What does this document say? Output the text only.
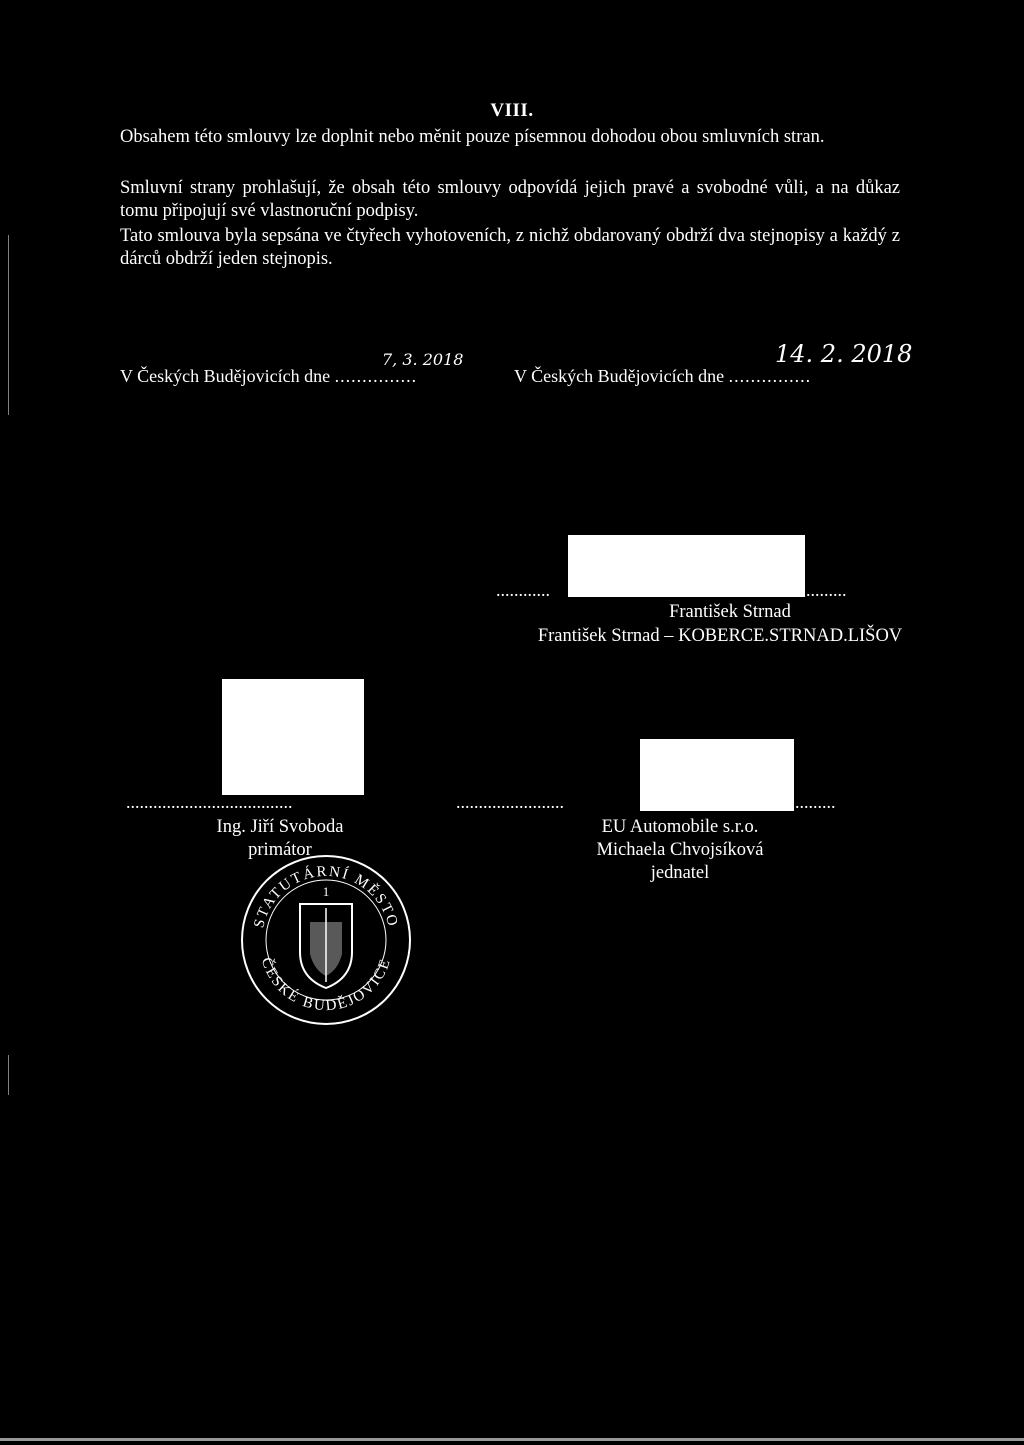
VIII.
Obsahem této smlouvy lze doplnit nebo měnit pouze písemnou dohodou obou smluvních stran.
Smluvní strany prohlašují, že obsah této smlouvy odpovídá jejich pravé a svobodné vůli, a na důkaz tomu připojují své vlastnoruční podpisy.
Tato smlouva byla sepsána ve čtyřech vyhotoveních, z nichž obdarovaný obdrží dva stejnopisy a každý z dárců obdrží jeden stejnopis.
V Českých Budějovicích dne ...............
7, 3. 2018
V Českých Budějovicích dne ...............
14. 2. 2018
............	.........
František Strnad
František Strnad – KOBERCE.STRNAD.LIŠOV
.....................................
Ing. Jiří Svoboda
primátor
........................	.........
EU Automobile s.r.o.
Michaela Chvojsíková
jednatel
STATUTÁRNÍ MĚSTO
ČESKÉ BUDĚJOVICE
1
